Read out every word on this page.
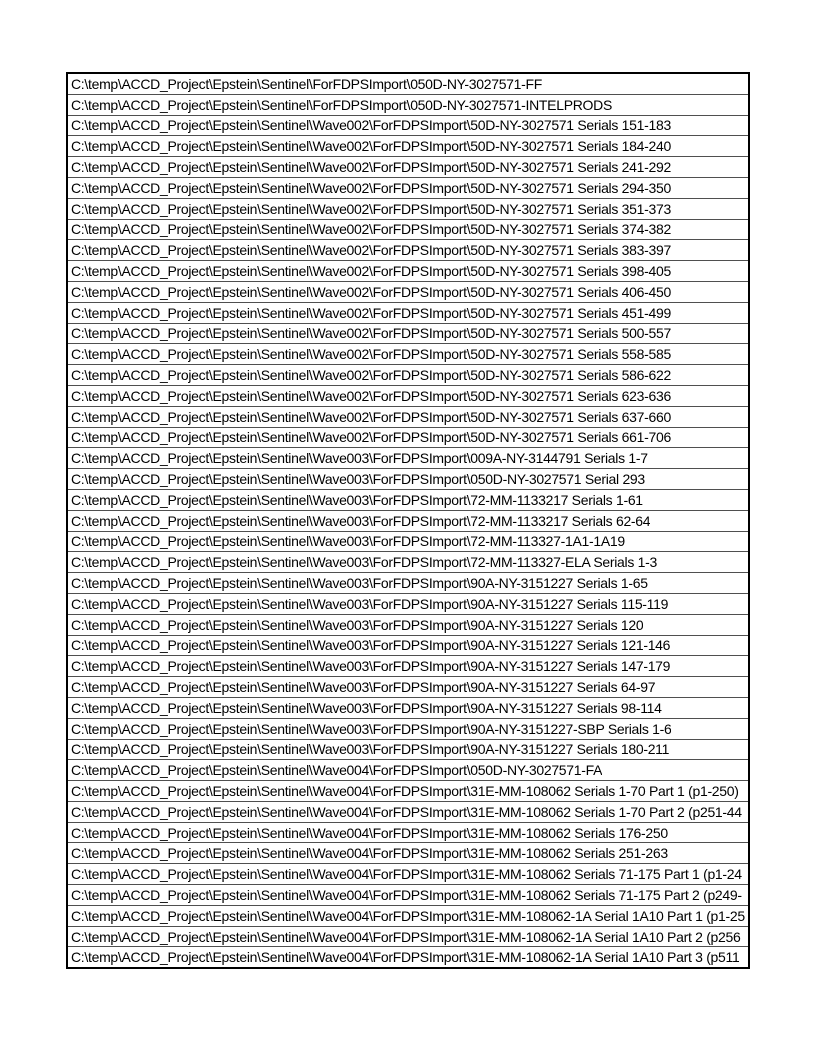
C:\temp\ACCD_Project\Epstein\Sentinel\ForFDPSImport\050D-NY-3027571-FF
C:\temp\ACCD_Project\Epstein\Sentinel\ForFDPSImport\050D-NY-3027571-INTELPRODS
C:\temp\ACCD_Project\Epstein\Sentinel\Wave002\ForFDPSImport\50D-NY-3027571 Serials 151-183
C:\temp\ACCD_Project\Epstein\Sentinel\Wave002\ForFDPSImport\50D-NY-3027571 Serials 184-240
C:\temp\ACCD_Project\Epstein\Sentinel\Wave002\ForFDPSImport\50D-NY-3027571 Serials 241-292
C:\temp\ACCD_Project\Epstein\Sentinel\Wave002\ForFDPSImport\50D-NY-3027571 Serials 294-350
C:\temp\ACCD_Project\Epstein\Sentinel\Wave002\ForFDPSImport\50D-NY-3027571 Serials 351-373
C:\temp\ACCD_Project\Epstein\Sentinel\Wave002\ForFDPSImport\50D-NY-3027571 Serials 374-382
C:\temp\ACCD_Project\Epstein\Sentinel\Wave002\ForFDPSImport\50D-NY-3027571 Serials 383-397
C:\temp\ACCD_Project\Epstein\Sentinel\Wave002\ForFDPSImport\50D-NY-3027571 Serials 398-405
C:\temp\ACCD_Project\Epstein\Sentinel\Wave002\ForFDPSImport\50D-NY-3027571 Serials 406-450
C:\temp\ACCD_Project\Epstein\Sentinel\Wave002\ForFDPSImport\50D-NY-3027571 Serials 451-499
C:\temp\ACCD_Project\Epstein\Sentinel\Wave002\ForFDPSImport\50D-NY-3027571 Serials 500-557
C:\temp\ACCD_Project\Epstein\Sentinel\Wave002\ForFDPSImport\50D-NY-3027571 Serials 558-585
C:\temp\ACCD_Project\Epstein\Sentinel\Wave002\ForFDPSImport\50D-NY-3027571 Serials 586-622
C:\temp\ACCD_Project\Epstein\Sentinel\Wave002\ForFDPSImport\50D-NY-3027571 Serials 623-636
C:\temp\ACCD_Project\Epstein\Sentinel\Wave002\ForFDPSImport\50D-NY-3027571 Serials 637-660
C:\temp\ACCD_Project\Epstein\Sentinel\Wave002\ForFDPSImport\50D-NY-3027571 Serials 661-706
C:\temp\ACCD_Project\Epstein\Sentinel\Wave003\ForFDPSImport\009A-NY-3144791 Serials 1-7
C:\temp\ACCD_Project\Epstein\Sentinel\Wave003\ForFDPSImport\050D-NY-3027571 Serial 293
C:\temp\ACCD_Project\Epstein\Sentinel\Wave003\ForFDPSImport\72-MM-1133217 Serials 1-61
C:\temp\ACCD_Project\Epstein\Sentinel\Wave003\ForFDPSImport\72-MM-1133217 Serials 62-64
C:\temp\ACCD_Project\Epstein\Sentinel\Wave003\ForFDPSImport\72-MM-113327-1A1-1A19
C:\temp\ACCD_Project\Epstein\Sentinel\Wave003\ForFDPSImport\72-MM-113327-ELA Serials 1-3
C:\temp\ACCD_Project\Epstein\Sentinel\Wave003\ForFDPSImport\90A-NY-3151227 Serials 1-65
C:\temp\ACCD_Project\Epstein\Sentinel\Wave003\ForFDPSImport\90A-NY-3151227 Serials 115-119
C:\temp\ACCD_Project\Epstein\Sentinel\Wave003\ForFDPSImport\90A-NY-3151227 Serials 120
C:\temp\ACCD_Project\Epstein\Sentinel\Wave003\ForFDPSImport\90A-NY-3151227 Serials 121-146
C:\temp\ACCD_Project\Epstein\Sentinel\Wave003\ForFDPSImport\90A-NY-3151227 Serials 147-179
C:\temp\ACCD_Project\Epstein\Sentinel\Wave003\ForFDPSImport\90A-NY-3151227 Serials 64-97
C:\temp\ACCD_Project\Epstein\Sentinel\Wave003\ForFDPSImport\90A-NY-3151227 Serials 98-114
C:\temp\ACCD_Project\Epstein\Sentinel\Wave003\ForFDPSImport\90A-NY-3151227-SBP Serials 1-6
C:\temp\ACCD_Project\Epstein\Sentinel\Wave003\ForFDPSImport\90A-NY-3151227 Serials 180-211
C:\temp\ACCD_Project\Epstein\Sentinel\Wave004\ForFDPSImport\050D-NY-3027571-FA
C:\temp\ACCD_Project\Epstein\Sentinel\Wave004\ForFDPSImport\31E-MM-108062 Serials 1-70 Part 1 (p1-250)
C:\temp\ACCD_Project\Epstein\Sentinel\Wave004\ForFDPSImport\31E-MM-108062 Serials 1-70 Part 2 (p251-44
C:\temp\ACCD_Project\Epstein\Sentinel\Wave004\ForFDPSImport\31E-MM-108062 Serials 176-250
C:\temp\ACCD_Project\Epstein\Sentinel\Wave004\ForFDPSImport\31E-MM-108062 Serials 251-263
C:\temp\ACCD_Project\Epstein\Sentinel\Wave004\ForFDPSImport\31E-MM-108062 Serials 71-175 Part 1 (p1-24
C:\temp\ACCD_Project\Epstein\Sentinel\Wave004\ForFDPSImport\31E-MM-108062 Serials 71-175 Part 2 (p249-
C:\temp\ACCD_Project\Epstein\Sentinel\Wave004\ForFDPSImport\31E-MM-108062-1A Serial 1A10 Part 1 (p1-25
C:\temp\ACCD_Project\Epstein\Sentinel\Wave004\ForFDPSImport\31E-MM-108062-1A Serial 1A10 Part 2 (p256
C:\temp\ACCD_Project\Epstein\Sentinel\Wave004\ForFDPSImport\31E-MM-108062-1A Serial 1A10 Part 3 (p511
